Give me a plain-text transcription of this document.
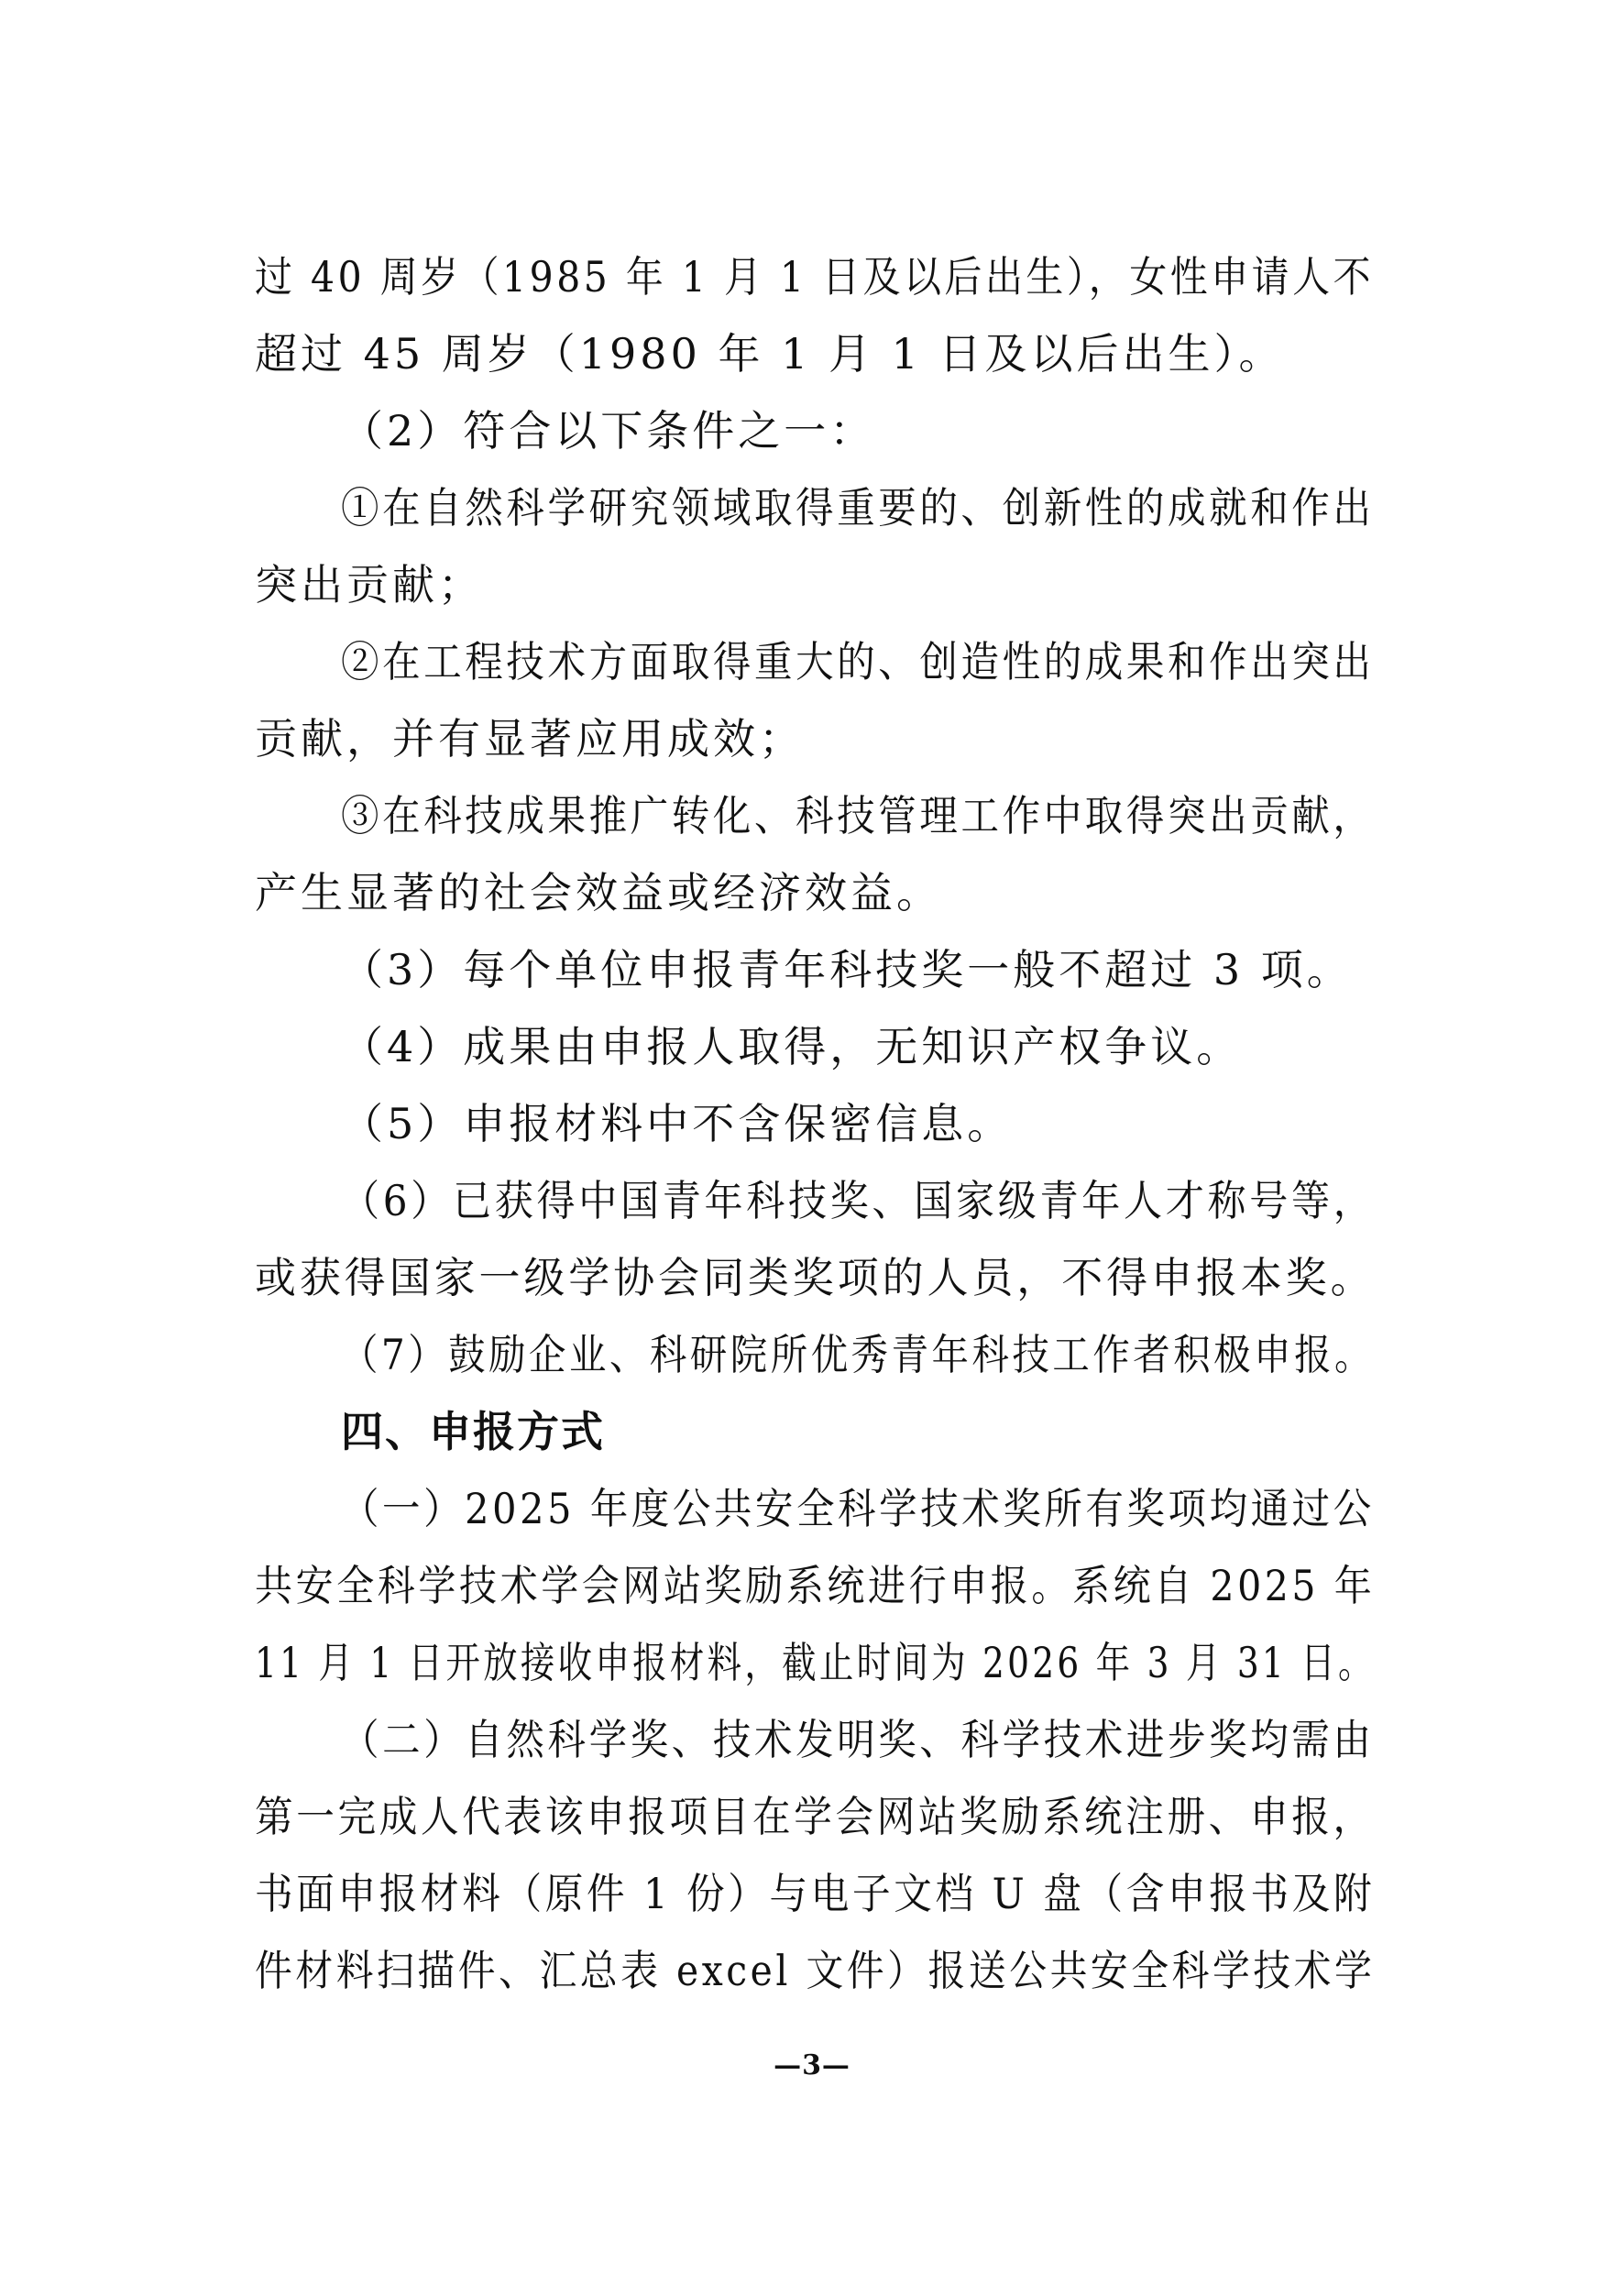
过 40 周岁（1985 年 1 月 1 日及以后出生），女性申请人不
超过 45 周岁（1980 年 1 月 1 日及以后出生）。
（2）符合以下条件之一：
①在自然科学研究领域取得重要的、创新性的成就和作出
突出贡献；
②在工程技术方面取得重大的、创造性的成果和作出突出
贡献，并有显著应用成效；
③在科技成果推广转化、科技管理工作中取得突出贡献，
产生显著的社会效益或经济效益。
（3）每个单位申报青年科技奖一般不超过 3 项。
（4）成果由申报人取得，无知识产权争议。
（5）申报材料中不含保密信息。
（6）已获得中国青年科技奖、国家级青年人才称号等，
或获得国家一级学协会同类奖项的人员，不得申报本奖。
（7）鼓励企业、科研院所优秀青年科技工作者积极申报。
四、申报方式
（一）2025 年度公共安全科学技术奖所有奖项均通过公
共安全科学技术学会网站奖励系统进行申报。系统自 2025 年
11 月 1 日开放接收申报材料，截止时间为 2026 年 3 月 31 日。
（二）自然科学奖、技术发明奖、科学技术进步奖均需由
第一完成人代表该申报项目在学会网站奖励系统注册、申报，
书面申报材料（原件 1 份）与电子文档 U 盘（含申报书及附
件材料扫描件、汇总表 excel 文件）报送公共安全科学技术学
—3—
